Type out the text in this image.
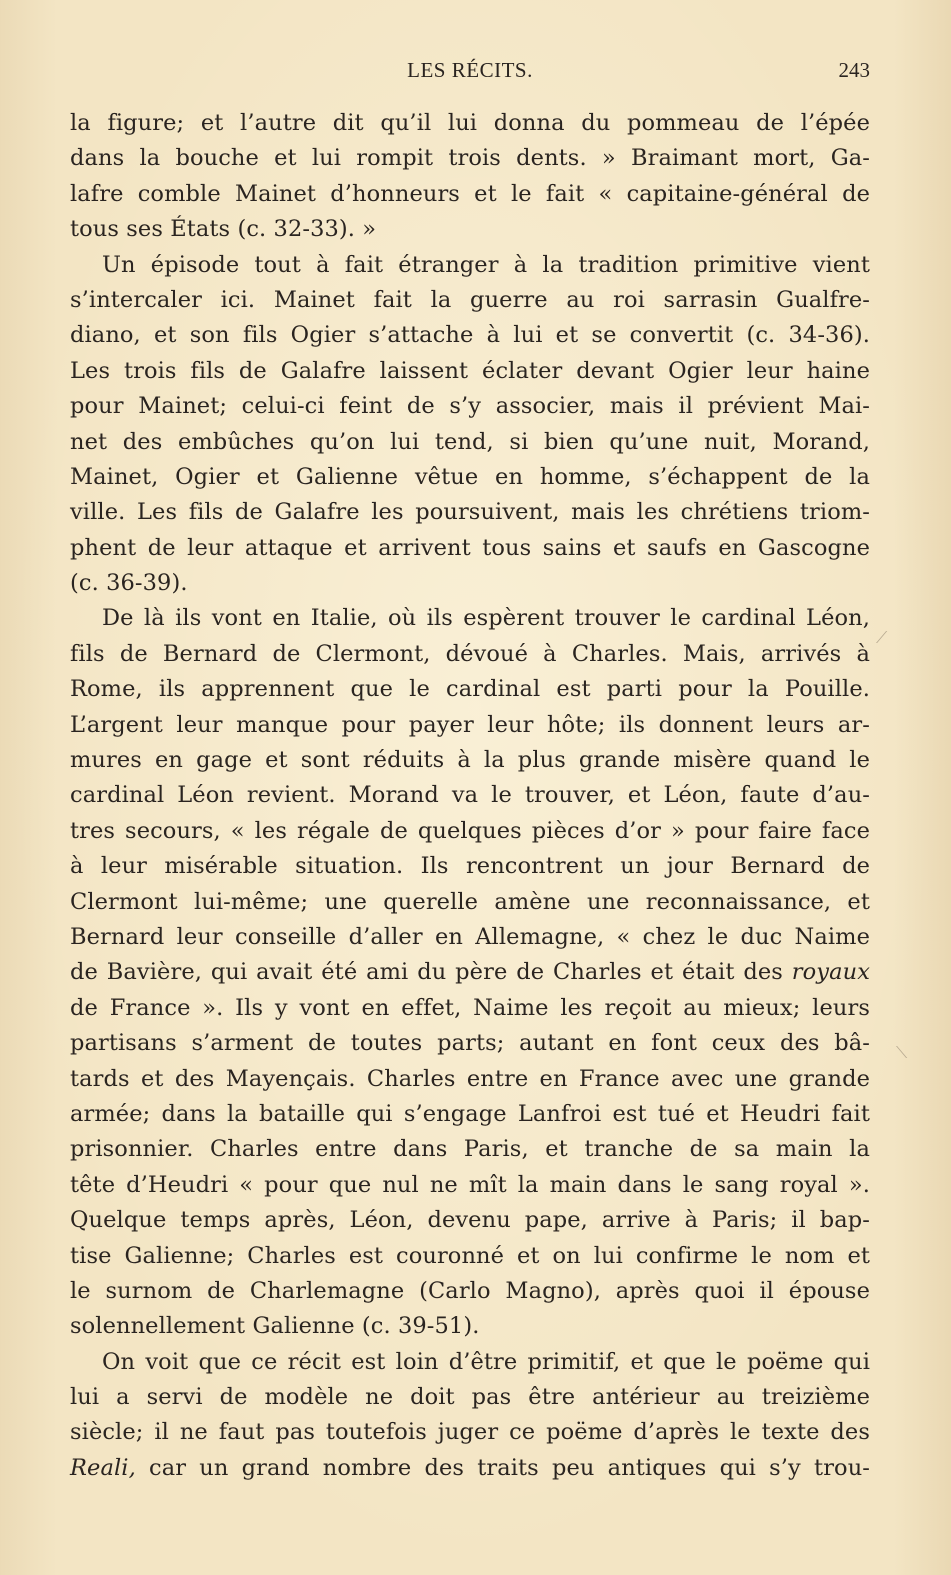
LES RÉCITS.	243
la figure; et l’autre dit qu’il lui donna du pommeau de l’épée
dans la bouche et lui rompit trois dents. » Braimant mort, Ga-
lafre comble Mainet d’honneurs et le fait « capitaine-général de
tous ses États (c. 32-33). »
Un épisode tout à fait étranger à la tradition primitive vient
s’intercaler ici. Mainet fait la guerre au roi sarrasin Gualfre-
diano, et son fils Ogier s’attache à lui et se convertit (c. 34-36).
Les trois fils de Galafre laissent éclater devant Ogier leur haine
pour Mainet; celui-ci feint de s’y associer, mais il prévient Mai-
net des embûches qu’on lui tend, si bien qu’une nuit, Morand,
Mainet, Ogier et Galienne vêtue en homme, s’échappent de la
ville. Les fils de Galafre les poursuivent, mais les chrétiens triom-
phent de leur attaque et arrivent tous sains et saufs en Gascogne
(c. 36-39).
De là ils vont en Italie, où ils espèrent trouver le cardinal Léon,
fils de Bernard de Clermont, dévoué à Charles. Mais, arrivés à
Rome, ils apprennent que le cardinal est parti pour la Pouille.
L’argent leur manque pour payer leur hôte; ils donnent leurs ar-
mures en gage et sont réduits à la plus grande misère quand le
cardinal Léon revient. Morand va le trouver, et Léon, faute d’au-
tres secours, « les régale de quelques pièces d’or » pour faire face
à leur misérable situation. Ils rencontrent un jour Bernard de
Clermont lui-même; une querelle amène une reconnaissance, et
Bernard leur conseille d’aller en Allemagne, « chez le duc Naime
de Bavière, qui avait été ami du père de Charles et était des royaux
de France ». Ils y vont en effet, Naime les reçoit au mieux; leurs
partisans s’arment de toutes parts; autant en font ceux des bâ-
tards et des Mayençais. Charles entre en France avec une grande
armée; dans la bataille qui s’engage Lanfroi est tué et Heudri fait
prisonnier. Charles entre dans Paris, et tranche de sa main la
tête d’Heudri « pour que nul ne mît la main dans le sang royal ».
Quelque temps après, Léon, devenu pape, arrive à Paris; il bap-
tise Galienne; Charles est couronné et on lui confirme le nom et
le surnom de Charlemagne (Carlo Magno), après quoi il épouse
solennellement Galienne (c. 39-51).
On voit que ce récit est loin d’être primitif, et que le poëme qui
lui a servi de modèle ne doit pas être antérieur au treizième
siècle; il ne faut pas toutefois juger ce poëme d’après le texte des
Reali, car un grand nombre des traits peu antiques qui s’y trou-
⟋
⟍
